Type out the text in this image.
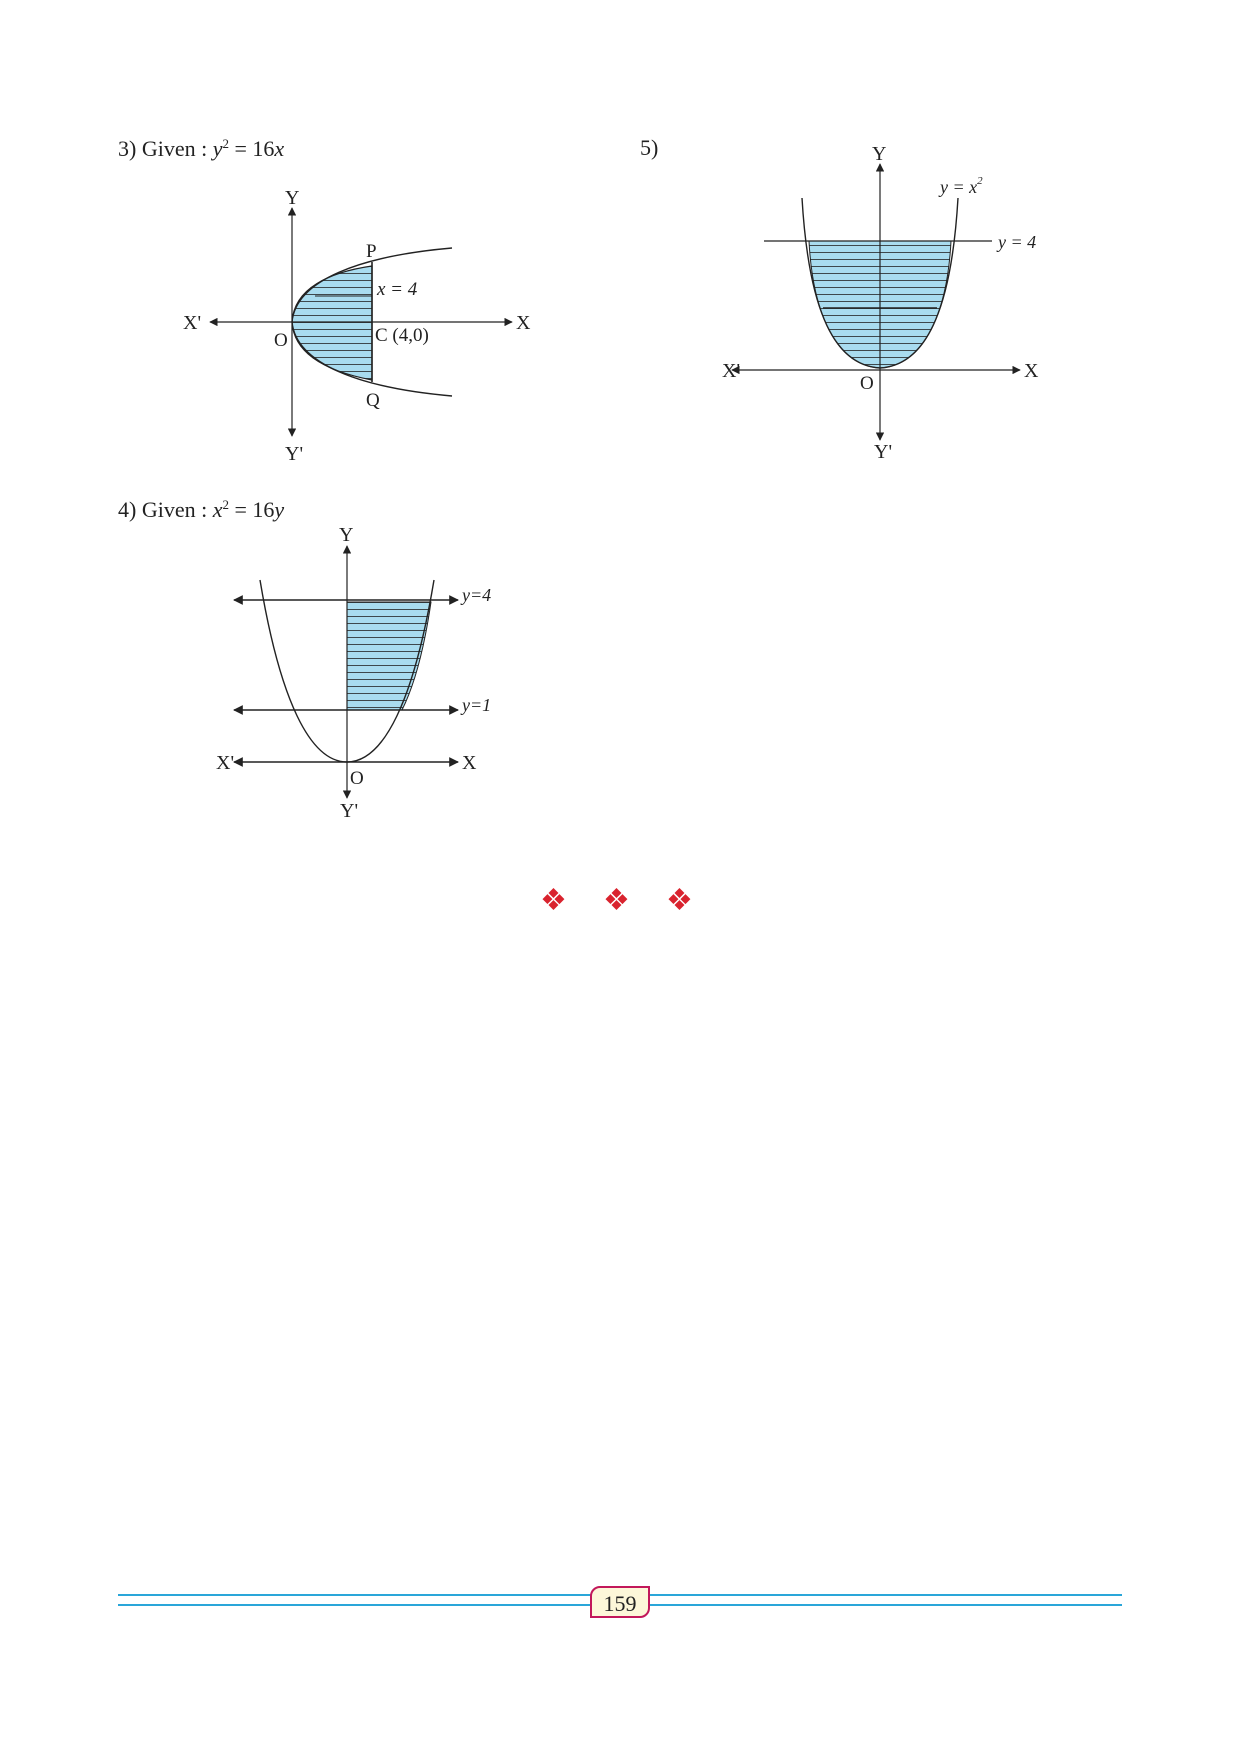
3) Given : $y^2 = 16x$
Y
Y'
X
X'
O
P
Q
x = 4
C (4,0)
5)	Y
Y'
X
X'
O
$y = x^2$
y = 4
4) Given : $x^2 = 16y$
Y
Y'
X
X'
O
y=4
y=1
❖ ❖ ❖
159
